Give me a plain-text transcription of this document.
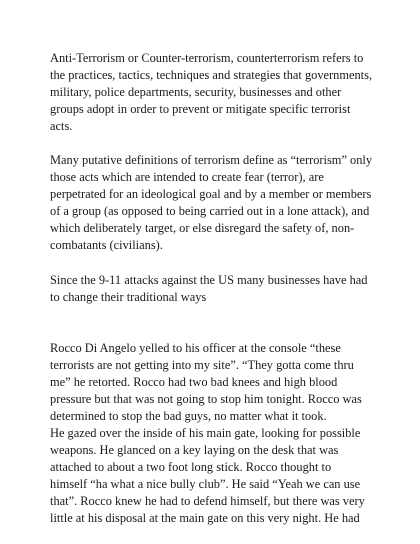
Anti-Terrorism or Counter-terrorism, counterterrorism refers to
the practices, tactics, techniques and strategies that governments,
military, police departments, security, businesses and other
groups adopt in order to prevent or mitigate specific terrorist
acts.

Many putative definitions of terrorism define as “terrorism” only
those acts which are intended to create fear (terror), are
perpetrated for an ideological goal and by a member or members
of a group (as opposed to being carried out in a lone attack), and
which deliberately target, or else disregard the safety of, non-
combatants (civilians).

Since the 9-11 attacks against the US many businesses have had
to change their traditional ways

Rocco Di Angelo yelled to his officer at the console “these
terrorists are not getting into my site”. “They gotta come thru
me” he retorted. Rocco had two bad knees and high blood
pressure but that was not going to stop him tonight. Rocco was
determined to stop the bad guys, no matter what it took.
He gazed over the inside of his main gate, looking for possible
weapons. He glanced on a key laying on the desk that was
attached to about a two foot long stick. Rocco thought to
himself “ha what a nice bully club”. He said “Yeah we can use
that”. Rocco knew he had to defend himself, but there was very
little at his disposal at the main gate on this very night. He had
